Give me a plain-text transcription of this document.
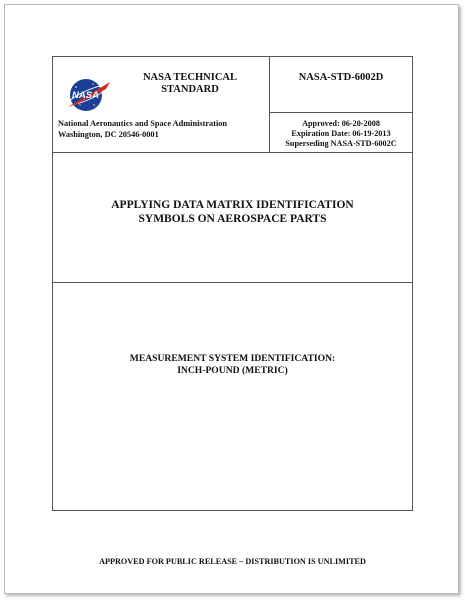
NASA
NASA TECHNICAL
STANDARD
NASA-STD-6002D
National Aeronautics and Space Administration
Washington, DC 20546-0001
Approved: 06-20-2008
Expiration Date: 06-19-2013
Superseding NASA-STD-6002C
APPLYING DATA MATRIX IDENTIFICATION
SYMBOLS ON AEROSPACE PARTS
MEASUREMENT SYSTEM IDENTIFICATION:
INCH-POUND (METRIC)
APPROVED FOR PUBLIC RELEASE – DISTRIBUTION IS UNLIMITED
